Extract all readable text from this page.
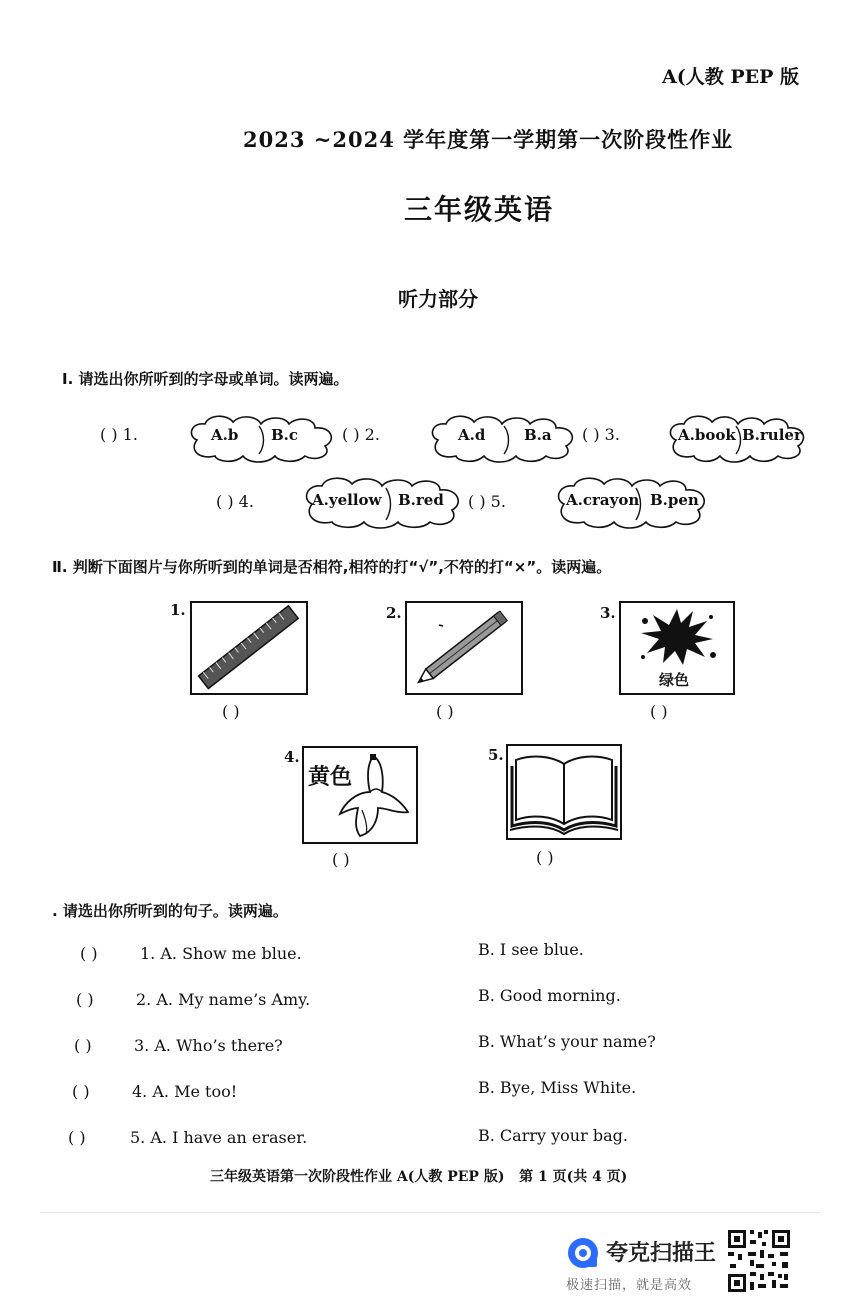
A(人教 PEP 版
2023 ~2024 学年度第一学期第一次阶段性作业
三年级英语
听力部分
Ⅰ. 请选出你所听到的字母或单词。读两遍。
( ) 1.	A.b B.c	( ) 2.	A.d	B.a ( ) 3.	A.book B.ruler
( ) 4.	A.yellow B.red ( ) 5.	A.crayon B.pen
Ⅱ. 判断下面图片与你所听到的单词是否相符,相符的打“√”,不符的打“×”。读两遍。
1.
( )
2.
( )
3.
绿色
( )
4.
黄色
( )
5.
( )
. 请选出你所听到的句子。读两遍。
( )	1. A. Show me blue.	B. I see blue.
( )	2. A. My name’s Amy.	B. Good morning.
( )	3. A. Who’s there?	B. What’s your name?
( )	4. A. Me too!	B. Bye, Miss White.
( )	5. A. I have an eraser.	B. Carry your bag.
三年级英语第一次阶段性作业 A(人教 PEP 版)   第 1 页(共 4 页)
夸克扫描王
极速扫描，就是高效
